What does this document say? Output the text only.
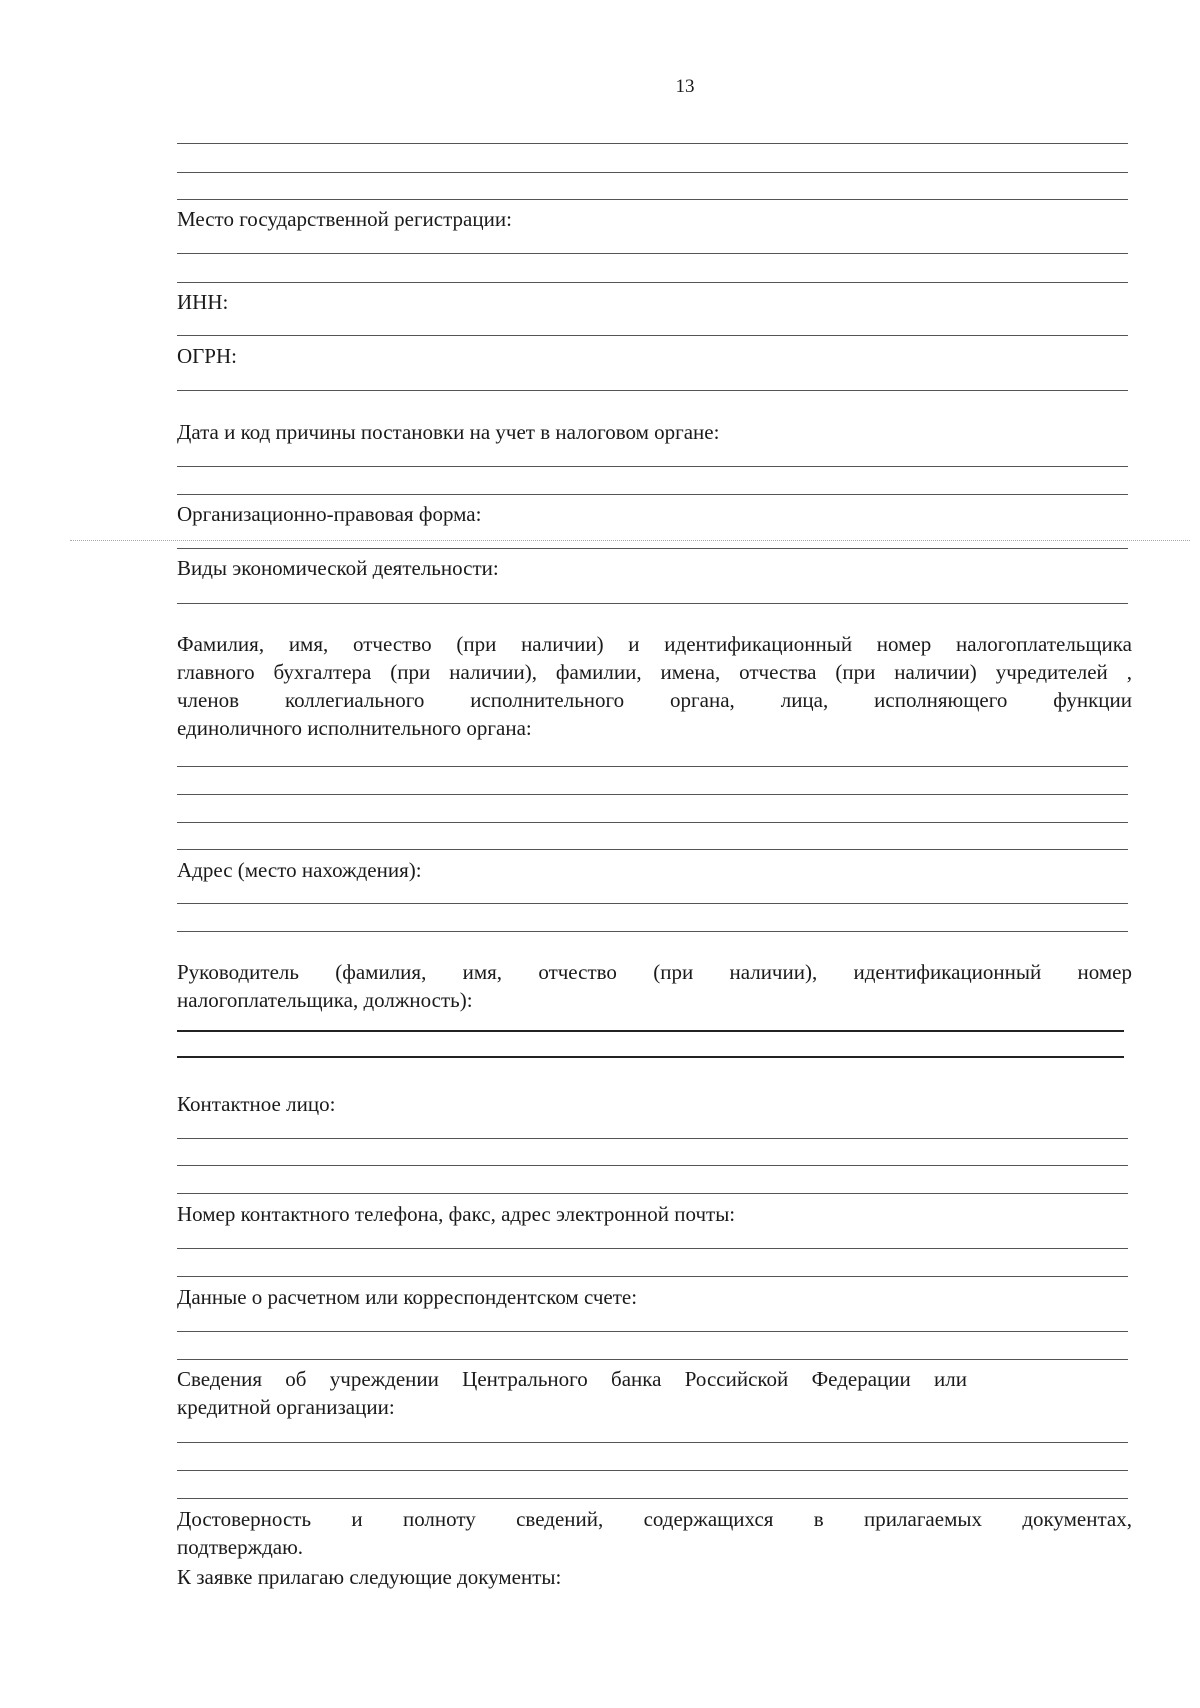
13
Место государственной регистрации:
ИНН:
ОГРН:
Дата и код причины постановки на учет в налоговом органе:
Организационно-правовая форма:
Виды экономической деятельности:
Фамилия, имя, отчество (при наличии) и идентификационный номер налогоплательщика
главного бухгалтера (при наличии), фамилии, имена, отчества (при наличии) учредителей ,
членов коллегиального исполнительного органа, лица, исполняющего функции
единоличного исполнительного органа:
Адрес (место нахождения):
Руководитель (фамилия, имя, отчество (при наличии), идентификационный номер
налогоплательщика, должность):
Контактное лицо:
Номер контактного телефона, факс, адрес электронной почты:
Данные о расчетном или корреспондентском счете:
Сведения об учреждении Центрального банка Российской Федерации или
кредитной организации:
Достоверность и полноту сведений, содержащихся в прилагаемых документах,
подтверждаю.
К заявке прилагаю следующие документы:
